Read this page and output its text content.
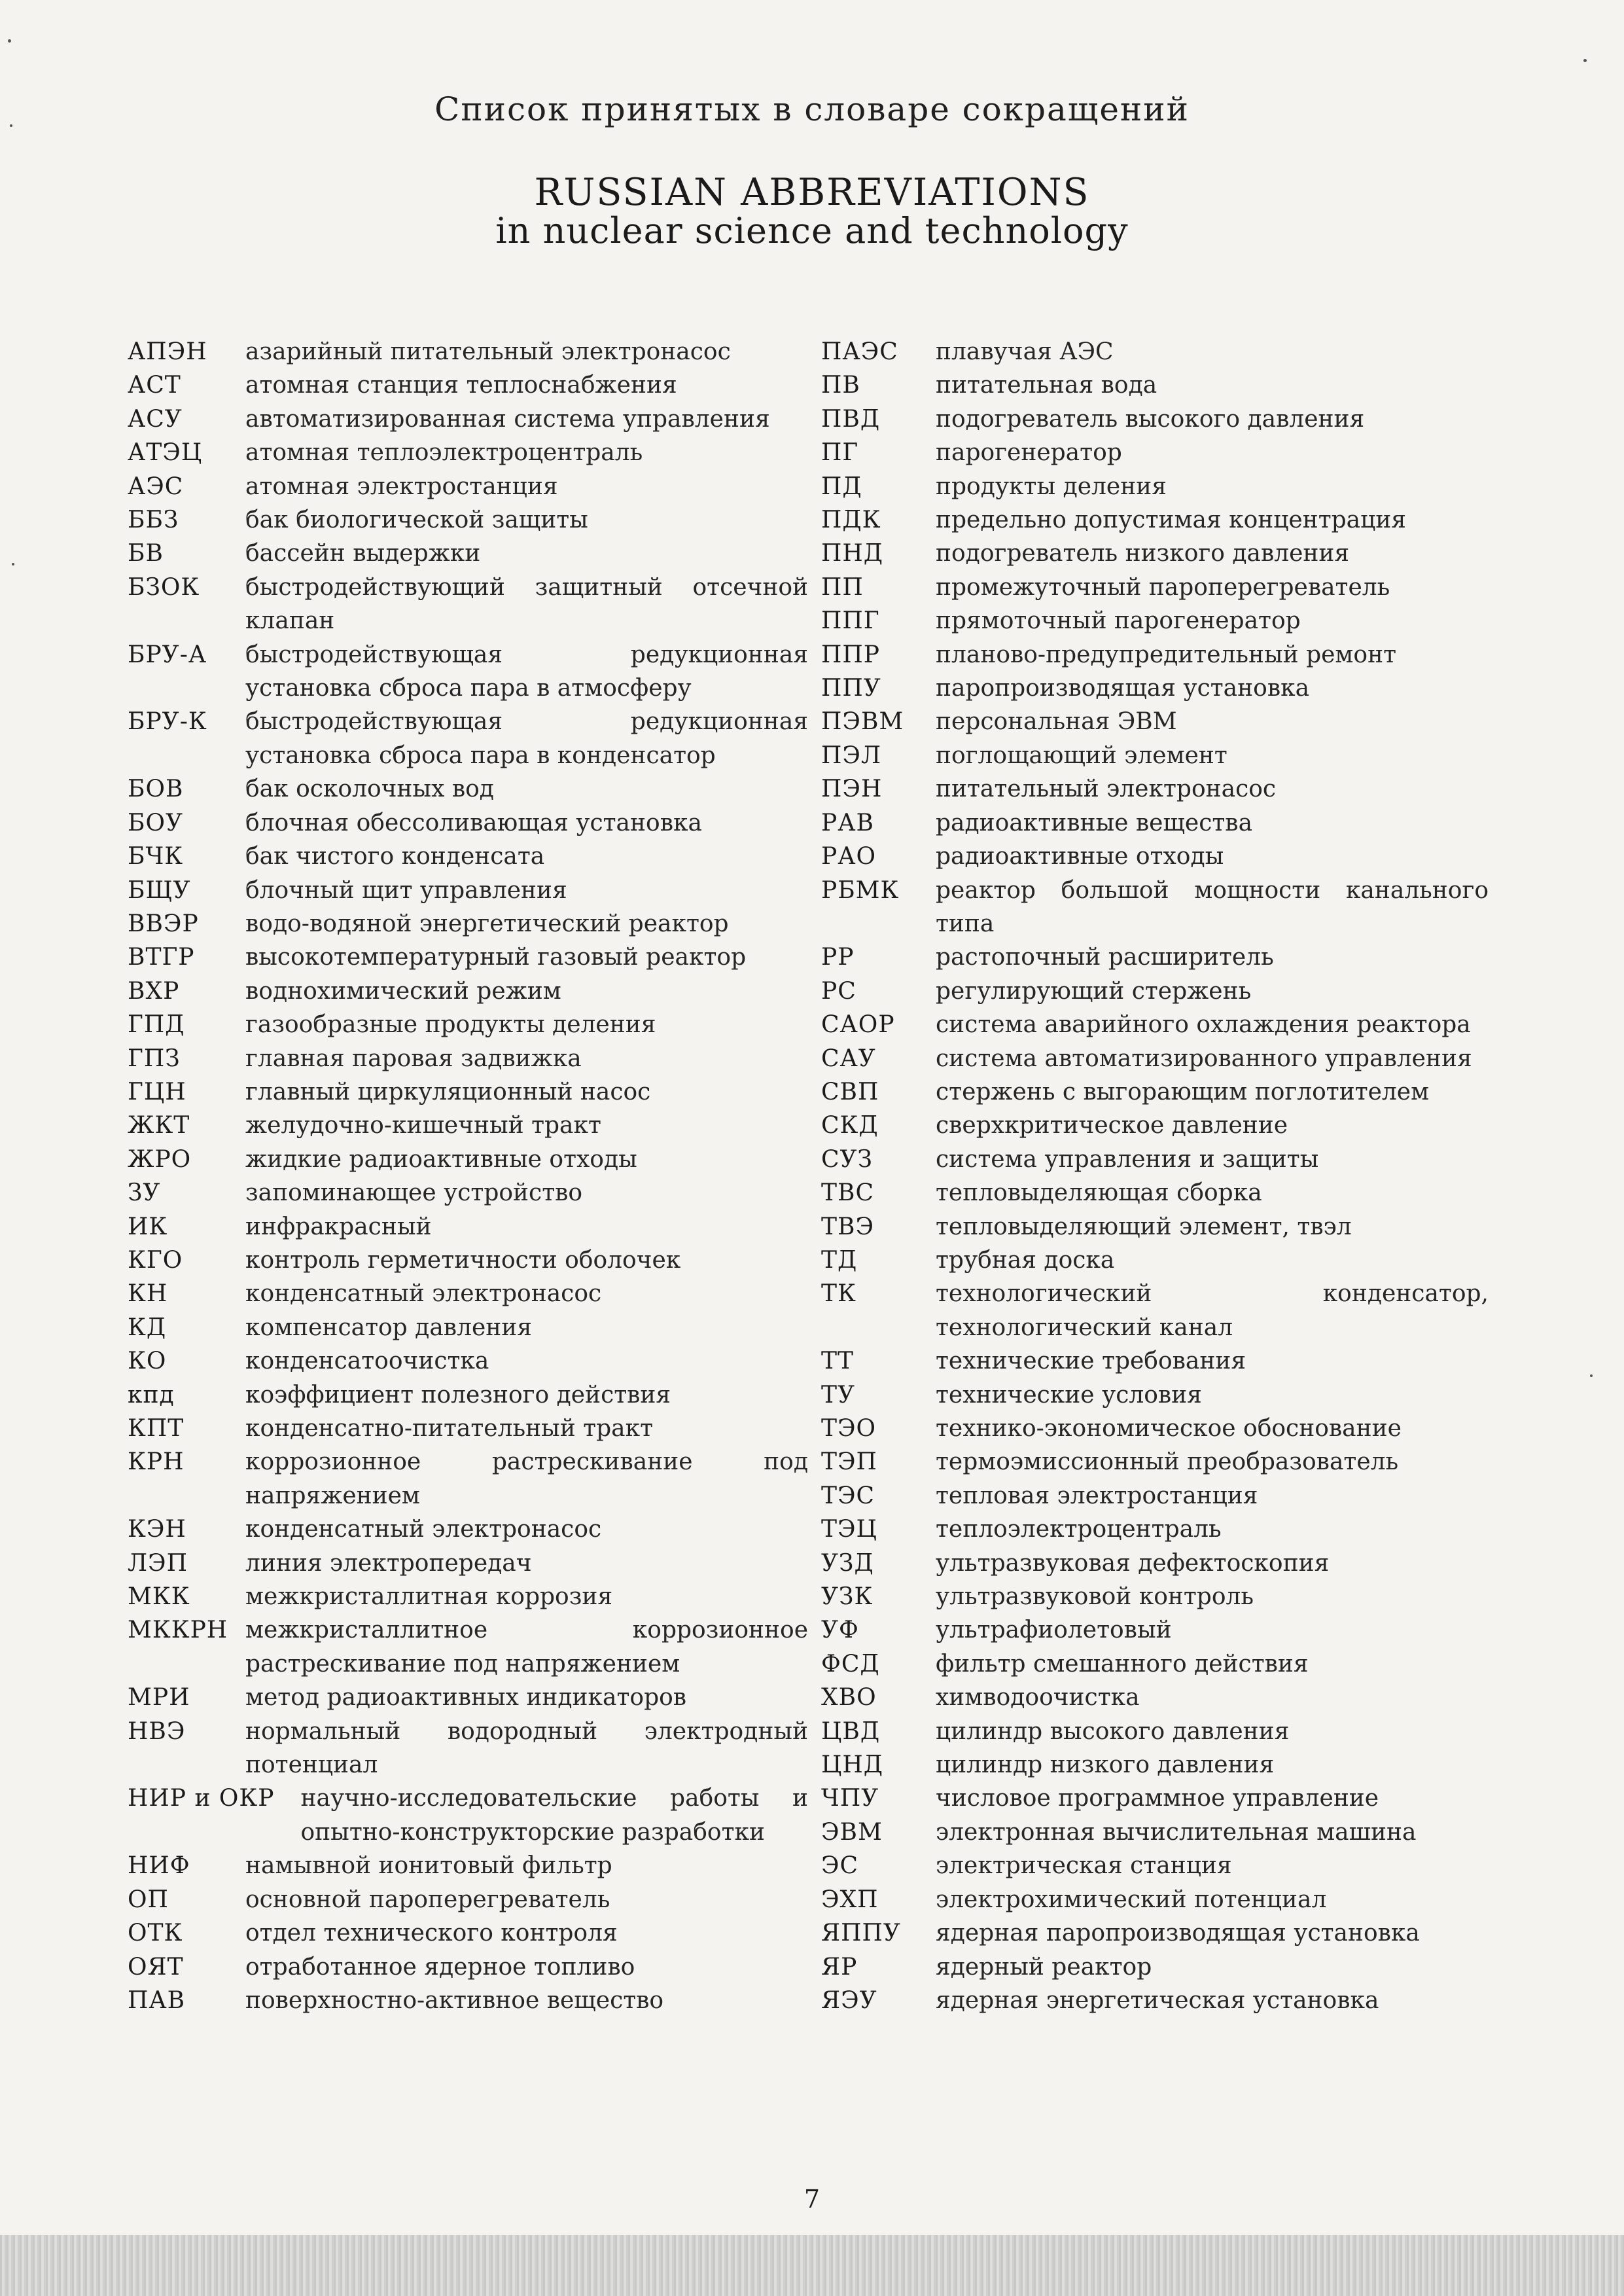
Список принятых в словаре сокращений
RUSSIAN ABBREVIATIONS
in nuclear science and technology
АПЭН	азарийный питательный электронасос
АСТ	атомная станция теплоснабжения
АСУ	автоматизированная система управления
АТЭЦ	атомная теплоэлектроцентраль
АЭС	атомная электростанция
ББЗ	бак биологической защиты
БВ	бассейн выдержки
БЗОК	быстродействующий защитный отсечной клапан
БРУ-А	быстродействующая редукционная установка сброса пара в атмосферу
БРУ-К	быстродействующая редукционная установка сброса пара в конденсатор
БОВ	бак осколочных вод
БОУ	блочная обессоливающая установка
БЧК	бак чистого конденсата
БЩУ	блочный щит управления
ВВЭР	водо-водяной энергетический реактор
ВТГР	высокотемпературный газовый реактор
ВХР	воднохимический режим
ГПД	газообразные продукты деления
ГПЗ	главная паровая задвижка
ГЦН	главный циркуляционный насос
ЖКТ	желудочно-кишечный тракт
ЖРО	жидкие радиоактивные отходы
ЗУ	запоминающее устройство
ИК	инфракрасный
КГО	контроль герметичности оболочек
КН	конденсатный электронасос
КД	компенсатор давления
КО	конденсатоочистка
кпд	коэффициент полезного действия
КПТ	конденсатно-питательный тракт
КРН	коррозионное растрескивание под напряжением
КЭН	конденсатный электронасос
ЛЭП	линия электропередач
МКК	межкристаллитная коррозия
МККРН межкристаллитное коррозионное растрескивание под напряжением
МРИ	метод радиоактивных индикаторов
НВЭ	нормальный водородный электродный потенциал
НИР и ОКР научно-исследовательские работы и опытно-конструкторские разработки
НИФ	намывной ионитовый фильтр
ОП	основной пароперегреватель
ОТК	отдел технического контроля
ОЯТ	отработанное ядерное топливо
ПАВ	поверхностно-активное вещество
ПАЭС	плавучая АЭС
ПВ	питательная вода
ПВД	подогреватель высокого давления
ПГ	парогенератор
ПД	продукты деления
ПДК	предельно допустимая концентрация
ПНД	подогреватель низкого давления
ПП	промежуточный пароперегреватель
ППГ	прямоточный парогенератор
ППР	планово-предупредительный ремонт
ППУ	паропроизводящая установка
ПЭВМ	персональная ЭВМ
ПЭЛ	поглощающий элемент
ПЭН	питательный электронасос
РАВ	радиоактивные вещества
РАО	радиоактивные отходы
РБМК	реактор большой мощности канального типа
РР	растопочный расширитель
РС	регулирующий стержень
САОР	система аварийного охлаждения реактора
САУ	система автоматизированного управления
СВП	стержень с выгорающим поглотителем
СКД	сверхкритическое давление
СУЗ	система управления и защиты
ТВС	тепловыделяющая сборка
ТВЭ	тепловыделяющий элемент, твэл
ТД	трубная доска
ТК	технологический конденсатор, технологический канал
ТТ	технические требования
ТУ	технические условия
ТЭО	технико-экономическое обоснование
ТЭП	термоэмиссионный преобразователь
ТЭС	тепловая электростанция
ТЭЦ	теплоэлектроцентраль
УЗД	ультразвуковая дефектоскопия
УЗК	ультразвуковой контроль
УФ	ультрафиолетовый
ФСД	фильтр смешанного действия
ХВО	химводоочистка
ЦВД	цилиндр высокого давления
ЦНД	цилиндр низкого давления
ЧПУ	числовое программное управление
ЭВМ	электронная вычислительная машина
ЭС	электрическая станция
ЭХП	электрохимический потенциал
ЯППУ	ядерная паропроизводящая установка
ЯР	ядерный реактор
ЯЭУ	ядерная энергетическая установка
7
